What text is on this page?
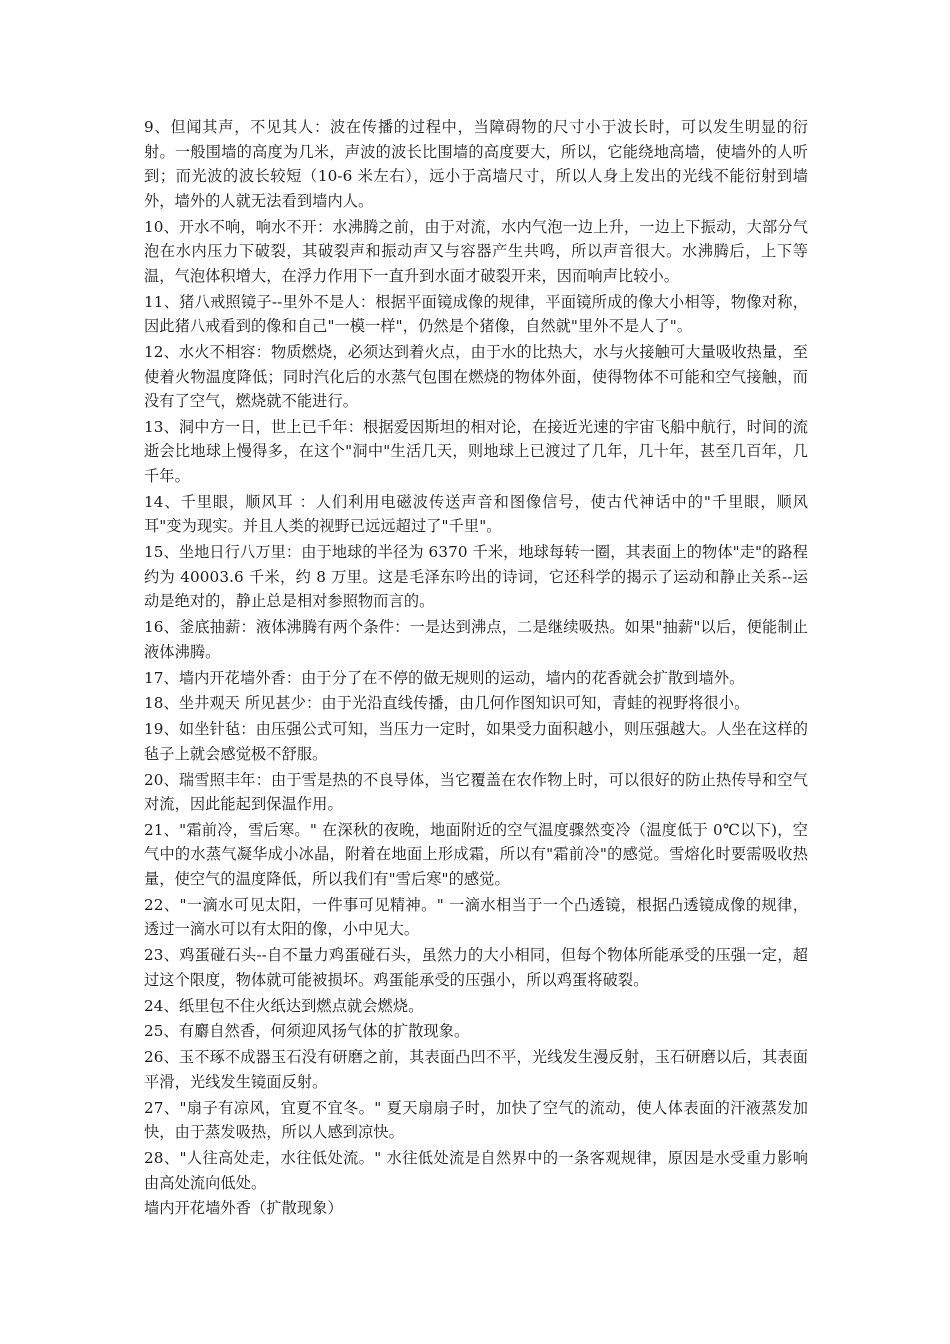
9、但闻其声，不见其人：波在传播的过程中，当障碍物的尺寸小于波长时，可以发生明显的衍射。一般围墙的高度为几米，声波的波长比围墙的高度要大，所以，它能绕地高墙，使墙外的人听到；而光波的波长较短（10-6 米左右），远小于高墙尺寸，所以人身上发出的光线不能衍射到墙外，墙外的人就无法看到墙内人。

10、开水不响，响水不开：水沸腾之前，由于对流，水内气泡一边上升，一边上下振动，大部分气泡在水内压力下破裂，其破裂声和振动声又与容器产生共鸣，所以声音很大。水沸腾后，上下等温，气泡体积增大，在浮力作用下一直升到水面才破裂开来，因而响声比较小。

11、猪八戒照镜子--里外不是人：根据平面镜成像的规律，平面镜所成的像大小相等，物像对称，因此猪八戒看到的像和自己"一模一样"，仍然是个猪像，自然就"里外不是人了"。

12、水火不相容：物质燃烧，必须达到着火点，由于水的比热大，水与火接触可大量吸收热量，至使着火物温度降低；同时汽化后的水蒸气包围在燃烧的物体外面，使得物体不可能和空气接触，而没有了空气，燃烧就不能进行。

13、洞中方一日，世上已千年：根据爱因斯坦的相对论，在接近光速的宇宙飞船中航行，时间的流逝会比地球上慢得多，在这个"洞中"生活几天，则地球上已渡过了几年，几十年，甚至几百年，几千年。

14、千里眼，顺风耳 ：人们利用电磁波传送声音和图像信号，使古代神话中的"千里眼，顺风耳"变为现实。并且人类的视野已远远超过了"千里"。

15、坐地日行八万里：由于地球的半径为 6370 千米，地球每转一圈，其表面上的物体"走"的路程约为 40003.6 千米，约 8 万里。这是毛泽东吟出的诗词，它还科学的揭示了运动和静止关系--运动是绝对的，静止总是相对参照物而言的。

16、釜底抽薪：液体沸腾有两个条件：一是达到沸点，二是继续吸热。如果"抽薪"以后，便能制止液体沸腾。

17、墙内开花墙外香：由于分了在不停的做无规则的运动，墙内的花香就会扩散到墙外。

18、坐井观天 所见甚少：由于光沿直线传播，由几何作图知识可知，青蛙的视野将很小。

19、如坐针毡：由压强公式可知，当压力一定时，如果受力面积越小，则压强越大。人坐在这样的毡子上就会感觉极不舒服。

20、瑞雪照丰年：由于雪是热的不良导体，当它覆盖在农作物上时，可以很好的防止热传导和空气对流，因此能起到保温作用。

21、"霜前冷，雪后寒。" 在深秋的夜晚，地面附近的空气温度骤然变冷（温度低于 0℃以下)，空气中的水蒸气凝华成小冰晶，附着在地面上形成霜，所以有"霜前冷"的感觉。雪熔化时要需吸收热量，使空气的温度降低，所以我们有"雪后寒"的感觉。

22、"一滴水可见太阳，一件事可见精神。" 一滴水相当于一个凸透镜，根据凸透镜成像的规律，透过一滴水可以有太阳的像，小中见大。

23、鸡蛋碰石头--自不量力鸡蛋碰石头，虽然力的大小相同，但每个物体所能承受的压强一定，超过这个限度，物体就可能被损坏。鸡蛋能承受的压强小，所以鸡蛋将破裂。

24、纸里包不住火纸达到燃点就会燃烧。

25、有麝自然香，何须迎风扬气体的扩散现象。

26、玉不琢不成器玉石没有研磨之前，其表面凸凹不平，光线发生漫反射，玉石研磨以后，其表面平滑，光线发生镜面反射。

27、"扇子有凉风，宜夏不宜冬。" 夏天扇扇子时，加快了空气的流动，使人体表面的汗液蒸发加快，由于蒸发吸热，所以人感到凉快。

28、"人往高处走，水往低处流。" 水往低处流是自然界中的一条客观规律，原因是水受重力影响由高处流向低处。

墙内开花墙外香（扩散现象）
